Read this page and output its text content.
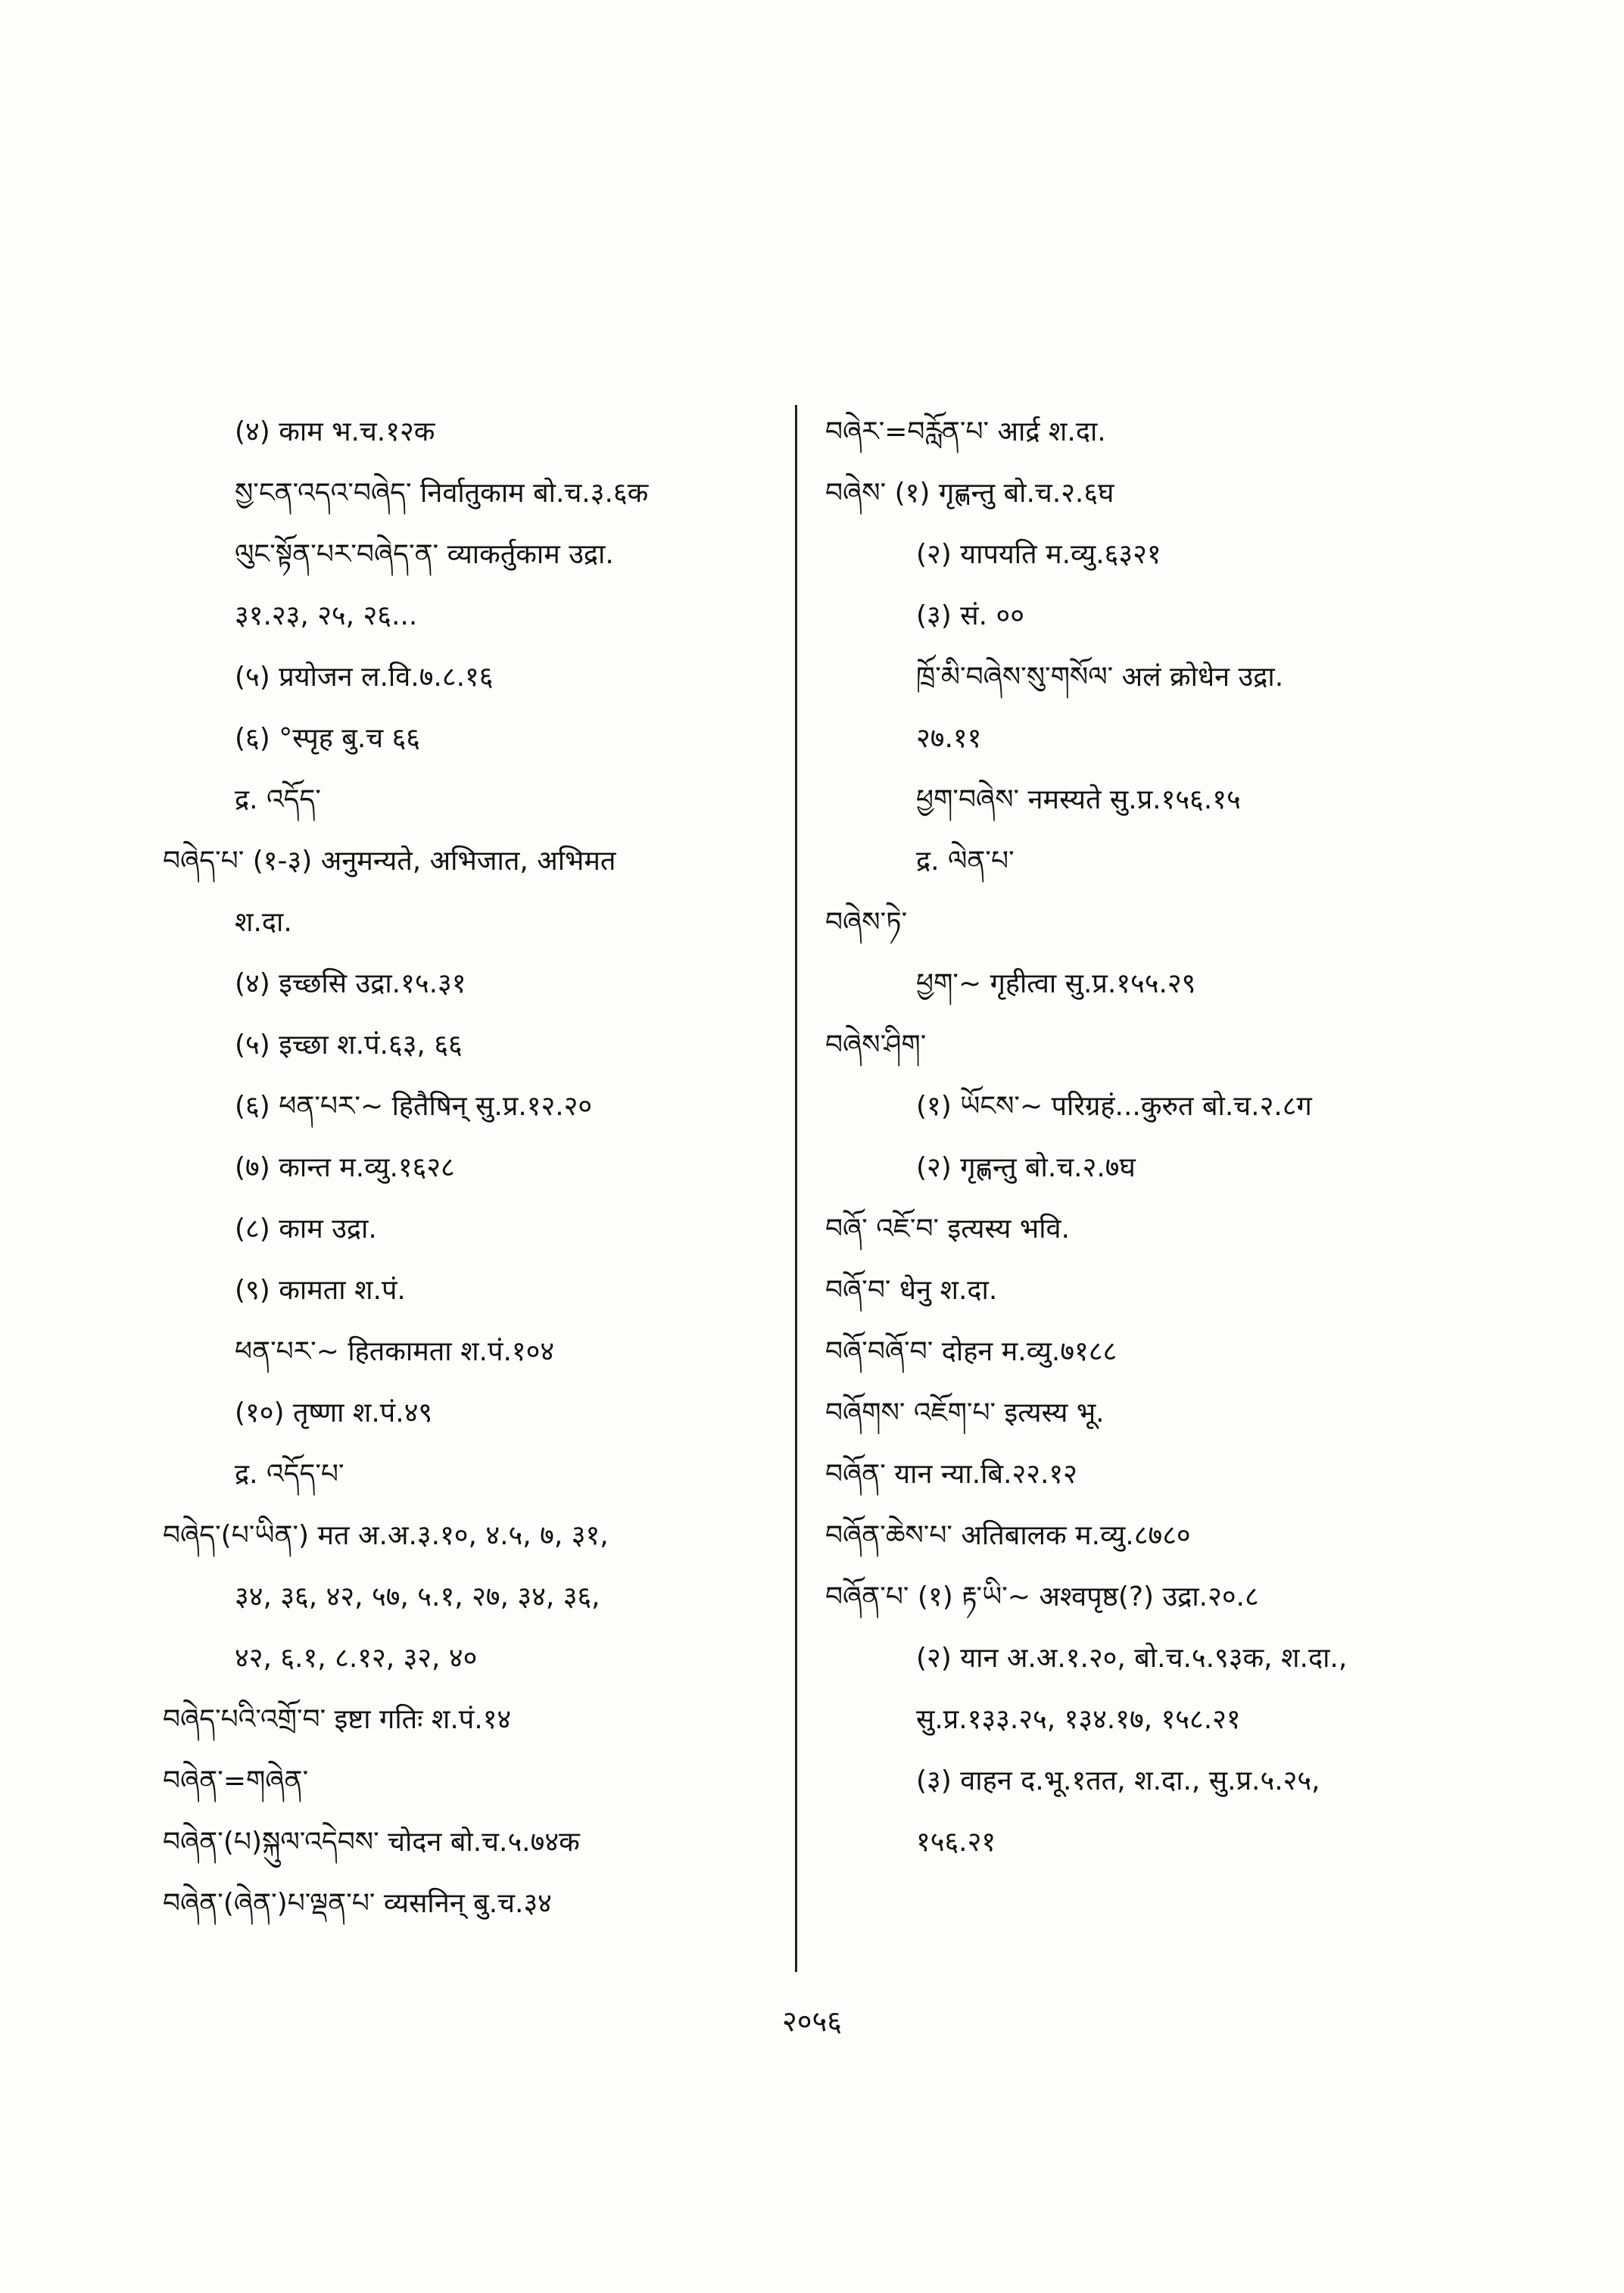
(४) काम भ.च.१२क
སྱ་ངན་འདའ་བཞེད་ निर्वातुकाम बो.च.३.६क
ལུང་སྟོན་པར་བཞེད་ན་ व्याकर्तुकाम उद्रा.
३१.२३, २५, २६...
(५) प्रयोजन ल.वि.७.८.१६
(६) °स्पृह बु.च ६६
द्र. འདོད་
བཞེད་པ་ (१-३) अनुमन्यते, अभिजात, अभिमत
श.दा.
(४) इच्छसि उद्रा.१५.३१
(५) इच्छा श.पं.६३, ६६
(६) ཕན་པར་~ हितैषिन् सु.प्र.१२.२०
(७) कान्त म.व्यु.१६२८
(८) काम उद्रा.
(९) कामता श.पं.
ཕན་པར་~ हितकामता श.पं.१०४
(१०) तृष्णा श.पं.४९
द्र. འདོད་པ་
བཞེད་(པ་ཡིན་) मत अ.अ.३.१०, ४.५, ७, ३१,
३४, ३६, ४२, ५७, ५.१, २७, ३४, ३६,
४२, ६.१, ८.१२, ३२, ४०
བཞེད་པའི་འགྲོ་བ་ इष्टा गतिः श.पं.१४
བཞེན་=གཞེན་
བཞེན་(པ)སྐུལ་འདེབས་ चोदन बो.च.५.७४क
བཞེན་(ཞེན་)པ་ལྡན་པ་ व्यसनिन् बु.च.३४
བཞེར་=བརློན་པ་ आर्द्र श.दा.
བཞེས་ (१) गृह्णन्तु बो.च.२.६घ
(२) यापयति म.व्यु.६३२१
(३) सं. ००
ཁྲོ་མི་བཞེས་སུ་གསོལ་ अलं क्रोधेन उद्रा.
२७.११
ཕྱག་བཞེས་ नमस्यते सु.प्र.१५६.१५
द्र. ལེན་པ་
བཞེས་ཏེ་
ཕྱག་~ गृहीत्वा सु.प्र.१५५.२९
བཞེས་ཤིག་
(१) ཡོངས་~ परिग्रहं...कुरुत बो.च.२.८ग
(२) गृह्णन्तु बो.च.२.७घ
བཞོ་ འཇོ་བ་ इत्यस्य भवि.
བཞོ་བ་ धेनु श.दा.
བཞོ་བཞོ་བ་ दोहन म.व्यु.७१८८
བཞོགས་ འཇོག་པ་ इत्यस्य भू.
བཞོན་ यान न्या.बि.२२.१२
བཞོན་ཆེས་པ་ अतिबालक म.व्यु.८७८०
བཞོན་པ་ (१) རྟ་ཡི་~ अश्वपृष्ठ(?) उद्रा.२०.८
(२) यान अ.अ.१.२०, बो.च.५.९३क, श.दा.,
सु.प्र.१३३.२५, १३४.१७, १५८.२१
(३) वाहन द.भू.१तत, श.दा., सु.प्र.५.२५,
१५६.२१
२०५६
